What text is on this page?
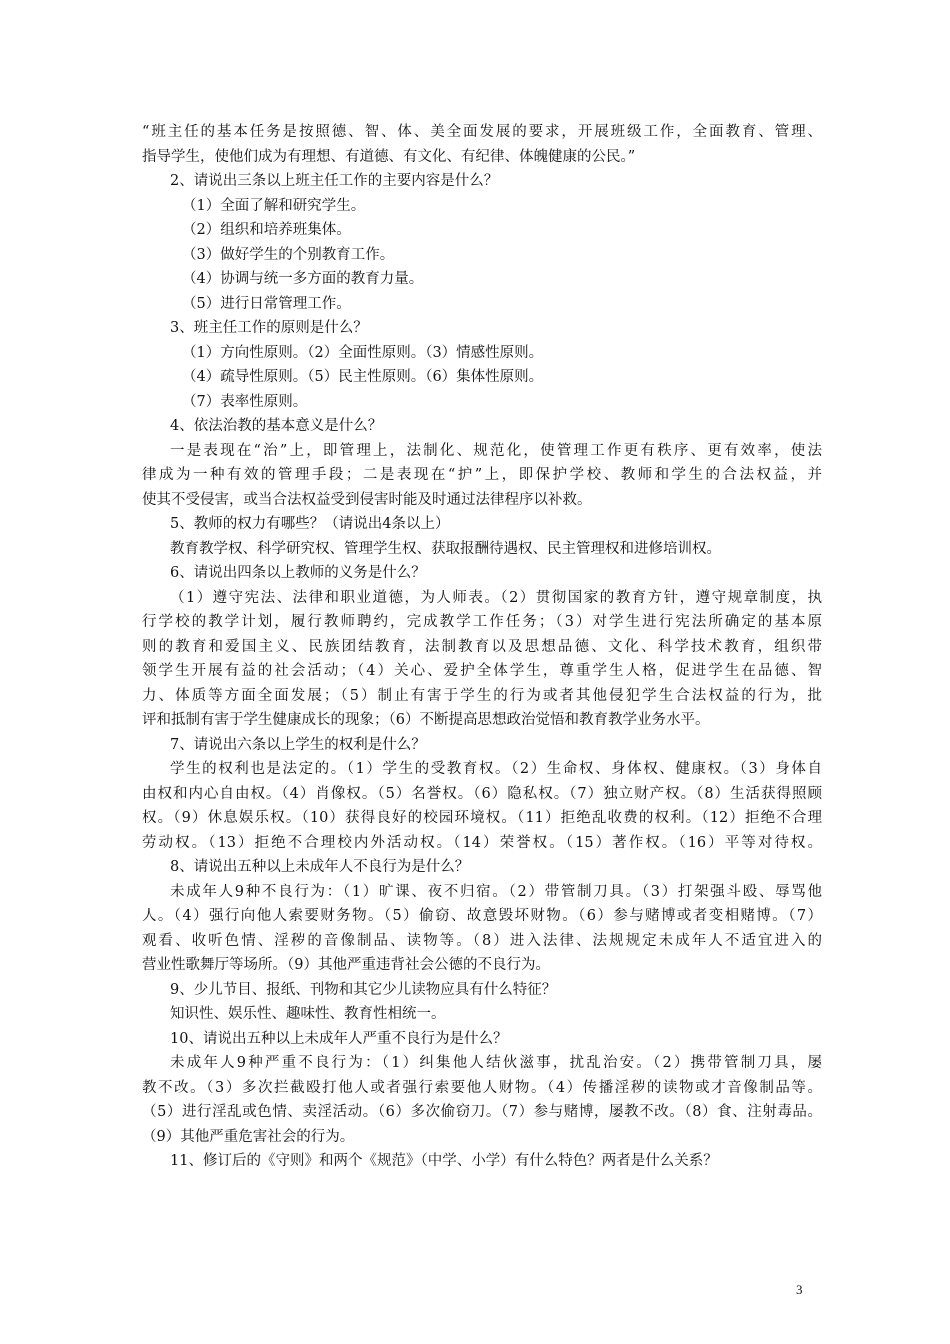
“班主任的基本任务是按照德、智、体、美全面发展的要求，开展班级工作，全面教育、管理、
指导学生，使他们成为有理想、有道德、有文化、有纪律、体魄健康的公民。”
2、请说出三条以上班主任工作的主要内容是什么？
（1）全面了解和研究学生。
（2）组织和培养班集体。
（3）做好学生的个别教育工作。
（4）协调与统一多方面的教育力量。
（5）进行日常管理工作。
3、班主任工作的原则是什么？
（1）方向性原则。（2）全面性原则。（3）情感性原则。
（4）疏导性原则。（5）民主性原则。（6）集体性原则。
（7）表率性原则。
4、依法治教的基本意义是什么？
一是表现在“治”上，即管理上，法制化、规范化，使管理工作更有秩序、更有效率，使法
律成为一种有效的管理手段；二是表现在“护”上，即保护学校、教师和学生的合法权益，并
使其不受侵害，或当合法权益受到侵害时能及时通过法律程序以补救。
5、教师的权力有哪些？（请说出4条以上）
教育教学权、科学研究权、管理学生权、获取报酬待遇权、民主管理权和进修培训权。
6、请说出四条以上教师的义务是什么？
（1）遵守宪法、法律和职业道德，为人师表。（2）贯彻国家的教育方针，遵守规章制度，执
行学校的教学计划，履行教师聘约，完成教学工作任务；（3）对学生进行宪法所确定的基本原
则的教育和爱国主义、民族团结教育，法制教育以及思想品德、文化、科学技术教育，组织带
领学生开展有益的社会活动；（4）关心、爱护全体学生，尊重学生人格，促进学生在品德、智
力、体质等方面全面发展；（5）制止有害于学生的行为或者其他侵犯学生合法权益的行为，批
评和抵制有害于学生健康成长的现象；（6）不断提高思想政治觉悟和教育教学业务水平。
7、请说出六条以上学生的权利是什么？
学生的权利也是法定的。（1）学生的受教育权。（2）生命权、身体权、健康权。（3）身体自
由权和内心自由权。（4）肖像权。（5）名誉权。（6）隐私权。（7）独立财产权。（8）生活获得照顾
权。（9）休息娱乐权。（10）获得良好的校园环境权。（11）拒绝乱收费的权利。（12）拒绝不合理
劳动权。（13）拒绝不合理校内外活动权。（14）荣誉权。（15）著作权。（16）平等对待权。
8、请说出五种以上未成年人不良行为是什么？
未成年人9种不良行为：（1）旷课、夜不归宿。（2）带管制刀具。（3）打架强斗殴、辱骂他
人。（4）强行向他人索要财务物。（5）偷窃、故意毁坏财物。（6）参与赌博或者变相赌博。（7）
观看、收听色情、淫秽的音像制品、读物等。（8）进入法律、法规规定未成年人不适宜进入的
营业性歌舞厅等场所。（9）其他严重违背社会公德的不良行为。
9、少儿节目、报纸、刊物和其它少儿读物应具有什么特征？
知识性、娱乐性、趣味性、教育性相统一。
10、请说出五种以上未成年人严重不良行为是什么？
未成年人9种严重不良行为：（1）纠集他人结伙滋事，扰乱治安。（2）携带管制刀具，屡
教不改。（3）多次拦截殴打他人或者强行索要他人财物。（4）传播淫秽的读物或才音像制品等。
（5）进行淫乱或色情、卖淫活动。（6）多次偷窃刀。（7）参与赌博，屡教不改。（8）食、注射毒品。
（9）其他严重危害社会的行为。
11、修订后的《守则》和两个《规范》（中学、小学）有什么特色？两者是什么关系？
3
